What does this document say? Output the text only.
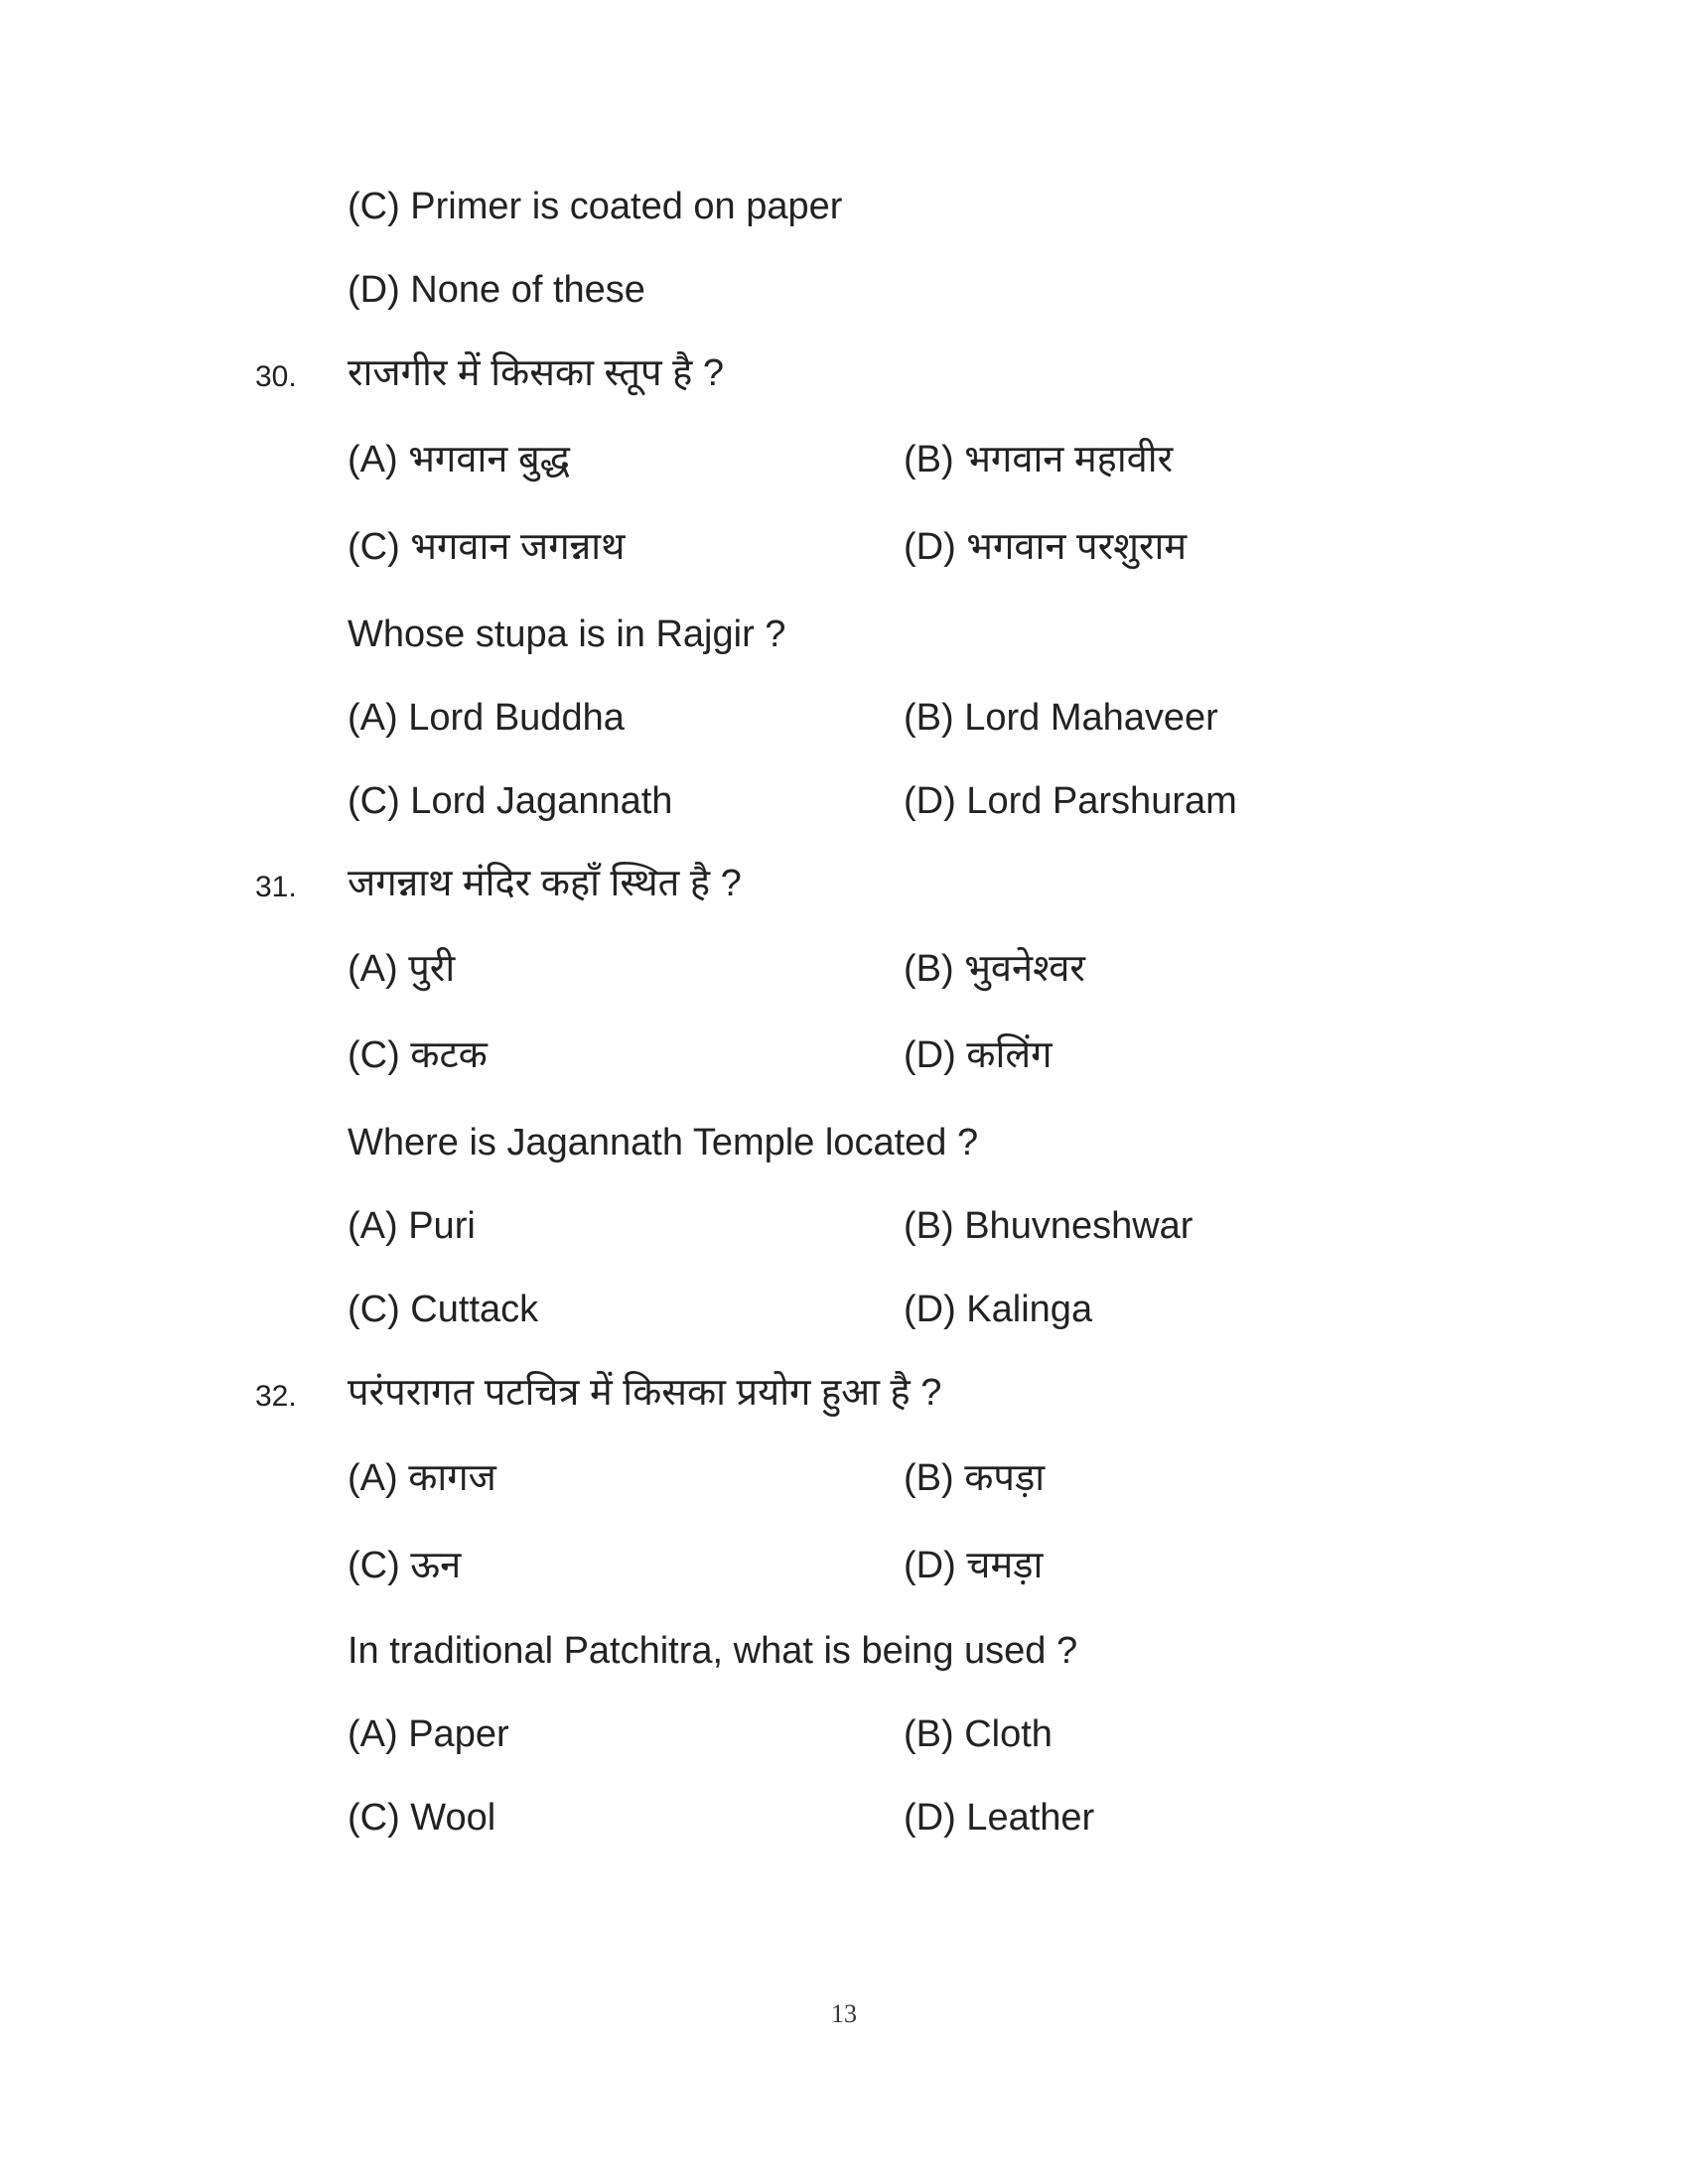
(C) Primer is coated on paper
(D) None of these
30. राजगीर में किसका स्तूप है ?
(A) भगवान बुद्ध	(B) भगवान महावीर
(C) भगवान जगन्नाथ	(D) भगवान परशुराम
Whose stupa is in Rajgir ?
(A) Lord Buddha	(B) Lord Mahaveer
(C) Lord Jagannath	(D) Lord Parshuram
31. जगन्नाथ मंदिर कहाँ स्थित है ?
(A) पुरी	(B) भुवनेश्वर
(C) कटक	(D) कलिंग
Where is Jagannath Temple located ?
(A) Puri	(B) Bhuvneshwar
(C) Cuttack	(D) Kalinga
32. परंपरागत पटचित्र में किसका प्रयोग हुआ है ?
(A) कागज	(B) कपड़ा
(C) ऊन	(D) चमड़ा
In traditional Patchitra, what is being used ?
(A) Paper	(B) Cloth
(C) Wool	(D) Leather
13
